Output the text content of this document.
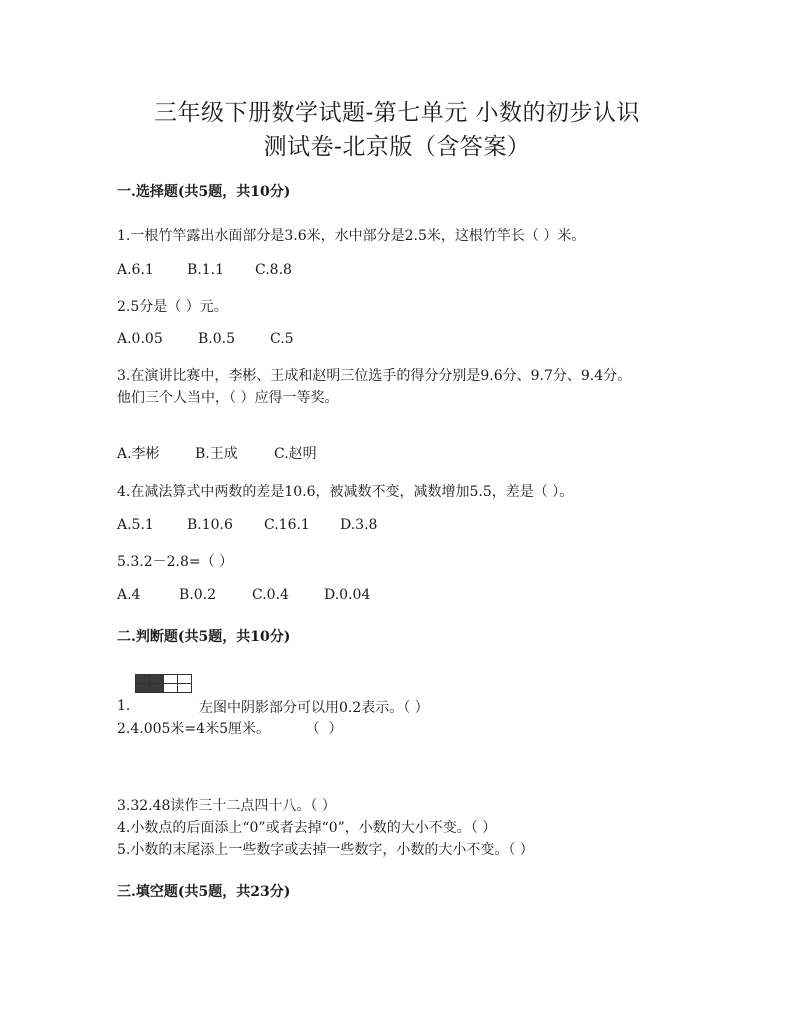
三年级下册数学试题-第七单元 小数的初步认识
测试卷-北京版（含答案）
一.选择题(共5题，共10分)
1.一根竹竿露出水面部分是3.6米，水中部分是2.5米，这根竹竿长（ ）米。
A.6.1 B.1.1 C.8.8
2.5分是（ ）元。
A.0.05	B.0.5 C.5
3.在演讲比赛中，李彬、王成和赵明三位选手的得分分别是9.6分、9.7分、9.4分。
他们三个人当中，（ ）应得一等奖。
A.李彬	B.王成	C.赵明
4.在减法算式中两数的差是10.6，被减数不变，减数增加5.5，差是（ ）。
A.5.1 B.10.6 C.16.1 D.3.8
5.3.2－2.8=（ ）
A.4	B.0.2	C.0.4	D.0.04
二.判断题(共5题，共10分)
1.	左图中阴影部分可以用0.2表示。（ ）
2.4.005米=4米5厘米。        （  ）
3.32.48读作三十二点四十八。（ ）
4.小数点的后面添上“0”或者去掉“0”，小数的大小不变。（ ）
5.小数的末尾添上一些数字或去掉一些数字，小数的大小不变。（ ）
三.填空题(共5题，共23分)
